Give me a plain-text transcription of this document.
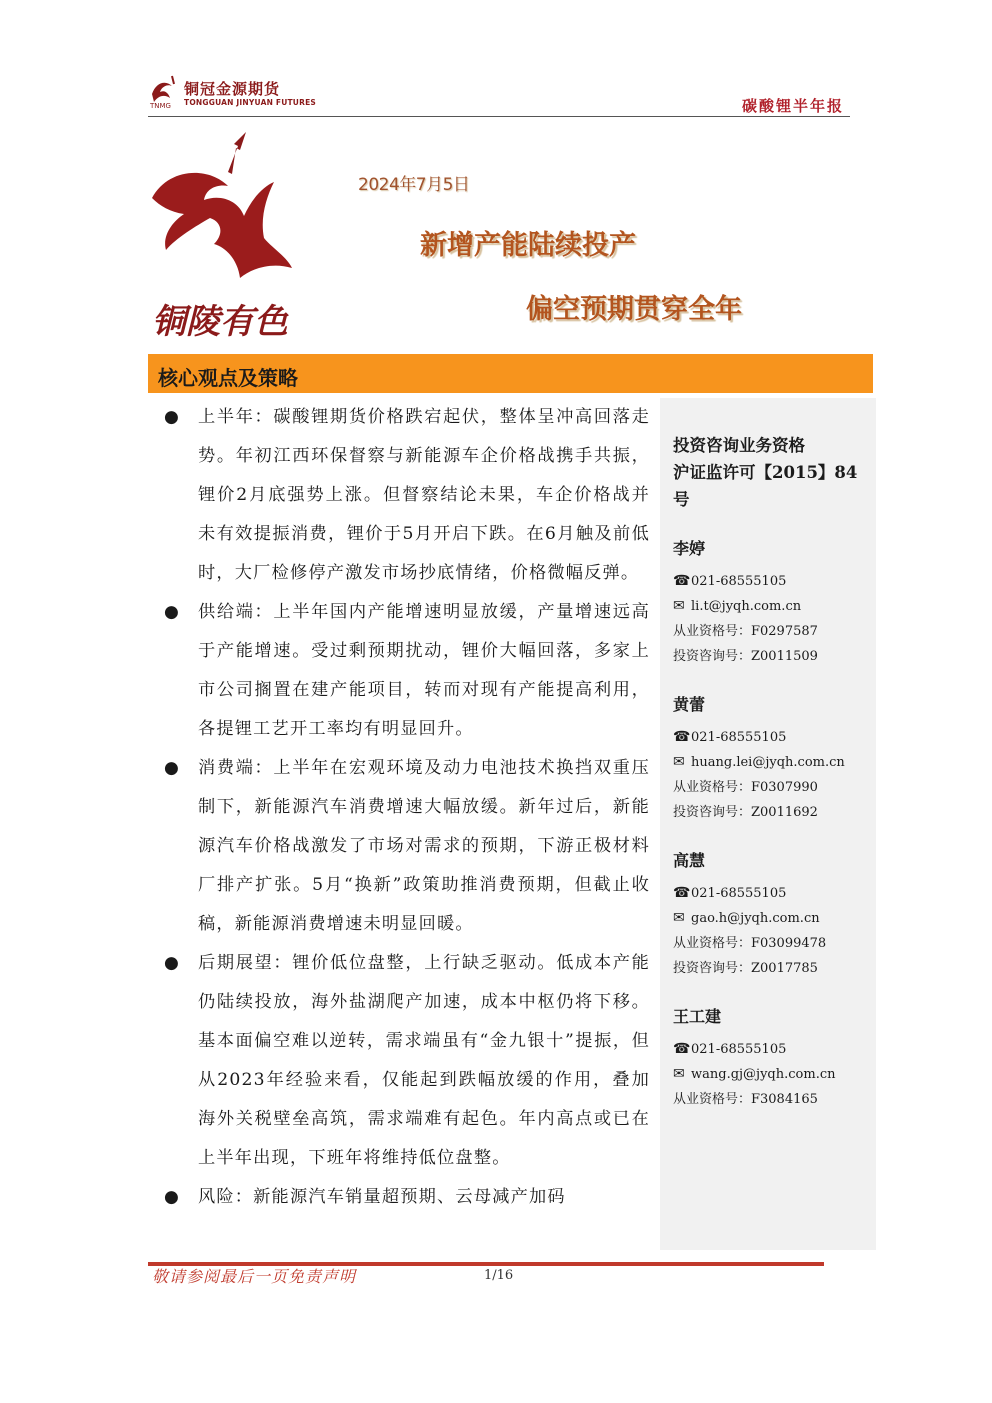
铜冠金源期货
TONGGUAN JINYUAN FUTURES
TNMG	碳酸锂半年报
铜陵有色
2024年7月5日
新增产能陆续投产
偏空预期贯穿全年
核心观点及策略
● 上半年：碳酸锂期货价格跌宕起伏，整体呈冲高回落走势。年初江西环保督察与新能源车企价格战携手共振，锂价2月底强势上涨。但督察结论未果，车企价格战并未有效提振消费，锂价于5月开启下跌。在6月触及前低时，大厂检修停产激发市场抄底情绪，价格微幅反弹。
● 供给端：上半年国内产能增速明显放缓，产量增速远高于产能增速。受过剩预期扰动，锂价大幅回落，多家上市公司搁置在建产能项目，转而对现有产能提高利用，各提锂工艺开工率均有明显回升。
● 消费端：上半年在宏观环境及动力电池技术换挡双重压制下，新能源汽车消费增速大幅放缓。新年过后，新能源汽车价格战激发了市场对需求的预期，下游正极材料厂排产扩张。5月“换新”政策助推消费预期，但截止收稿，新能源消费增速未明显回暖。
● 后期展望：锂价低位盘整，上行缺乏驱动。低成本产能仍陆续投放，海外盐湖爬产加速，成本中枢仍将下移。基本面偏空难以逆转，需求端虽有“金九银十”提振，但从2023年经验来看，仅能起到跌幅放缓的作用，叠加海外关税壁垒高筑，需求端难有起色。年内高点或已在上半年出现，下班年将维持低位盘整。
● 风险：新能源汽车销量超预期、云母减产加码
投资咨询业务资格
沪证监许可【2015】84 号
李婷
☎021-68555105
✉ li.t@jyqh.com.cn
从业资格号：F0297587
投资咨询号：Z0011509
黄蕾
☎021-68555105
✉ huang.lei@jyqh.com.cn
从业资格号：F0307990
投资咨询号：Z0011692
高慧
☎021-68555105
✉ gao.h@jyqh.com.cn
从业资格号：F03099478
投资咨询号：Z0017785
王工建
☎021-68555105
✉ wang.gj@jyqh.com.cn
从业资格号：F3084165
敬请参阅最后一页免责声明	1/16
